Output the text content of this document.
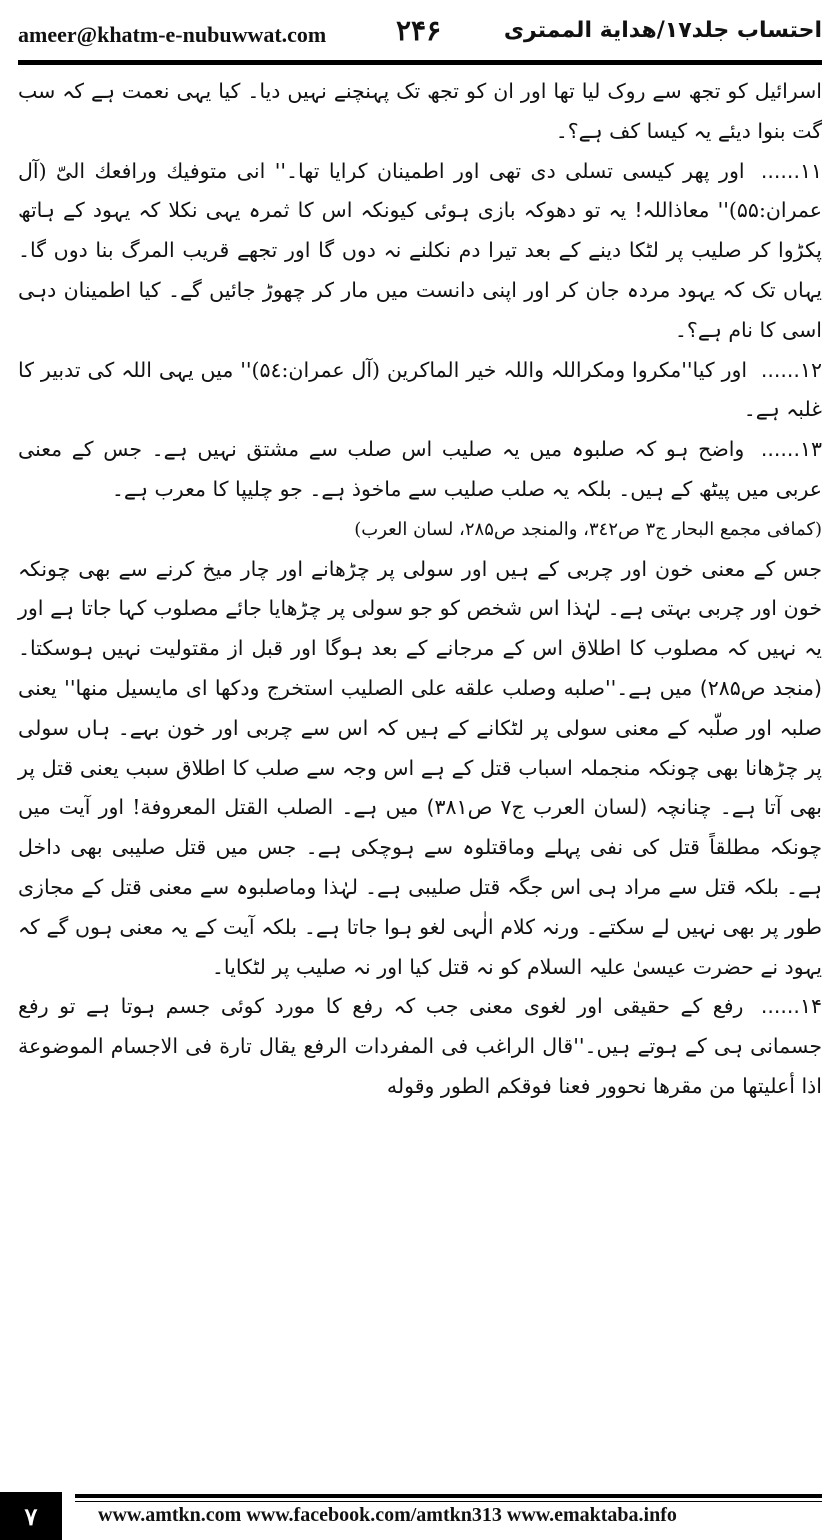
ameer@khatm-e-nubuwwat.com ۲۴۶	احتساب جلد۱۷/ھدایة الممتری

اسرائیل کو تجھ سے روک لیا تھا اور ان کو تجھ تک پہنچنے نہیں دیا۔ کیا یہی نعمت ہے کہ سب گت بنوا دیئے یہ کیسا کف ہے؟۔

۱۱...... اور پھر کیسی تسلی دی تھی اور اطمینان کرایا تھا۔'' انی متوفیك ورافعك الیّ (آل عمران:۵۵)'' معاذاللہ! یہ تو دھوکہ بازی ہوئی کیونکہ اس کا ثمرہ یہی نکلا کہ یہود کے ہاتھ پکڑوا کر صلیب پر لٹکا دینے کے بعد تیرا دم نکلنے نہ دوں گا اور تجھے قریب المرگ بنا دوں گا۔ یہاں تک کہ یہود مردہ جان کر اور اپنی دانست میں مار کر چھوڑ جائیں گے۔ کیا اطمینان دہی اسی کا نام ہے؟۔

۱۲...... اور کیا''مکروا ومکراللہ واللہ خیر الماکرین (آل عمران:۵٤)'' میں یہی اللہ کی تدبیر کا غلبہ ہے۔

۱۳...... واضح ہو کہ صلبوہ میں یہ صلیب اس صلب سے مشتق نہیں ہے۔ جس کے معنی عربی میں پیٹھ کے ہیں۔ بلکہ یہ صلب صلیب سے ماخوذ ہے۔ جو چلیپا کا معرب ہے۔

(کمافی مجمع البحار ج۳ ص۳٤۲، والمنجد ص۲۸۵، لسان العرب)

جس کے معنی خون اور چربی کے ہیں اور سولی پر چڑھانے اور چار میخ کرنے سے بھی چونکہ خون اور چربی بہتی ہے۔ لہٰذا اس شخص کو جو سولی پر چڑھایا جائے مصلوب کہا جاتا ہے اور یہ نہیں کہ مصلوب کا اطلاق اس کے مرجانے کے بعد ہوگا اور قبل از مقتولیت نہیں ہوسکتا۔ (منجد ص۲۸۵) میں ہے۔''صلبه وصلب علقه علی الصلیب استخرج ودکها ای مایسیل منها'' یعنی صلبہ اور صلّبہ کے معنی سولی پر لٹکانے کے ہیں کہ اس سے چربی اور خون بہے۔ ہاں سولی پر چڑھانا بھی چونکہ منجملہ اسباب قتل کے ہے اس وجہ سے صلب کا اطلاق سبب یعنی قتل پر بھی آتا ہے۔ چنانچہ (لسان العرب ج۷ ص۳۸۱) میں ہے۔ الصلب القتل المعروفة! اور آیت میں چونکہ مطلقاً قتل کی نفی پہلے وماقتلوہ سے ہوچکی ہے۔ جس میں قتل صلیبی بھی داخل ہے۔ بلکہ قتل سے مراد ہی اس جگہ قتل صلیبی ہے۔ لہٰذا وماصلبوہ سے معنی قتل کے مجازی طور پر بھی نہیں لے سکتے۔ ورنہ کلام الٰہی لغو ہوا جاتا ہے۔ بلکہ آیت کے یہ معنی ہوں گے کہ یہود نے حضرت عیسیٰ علیہ السلام کو نہ قتل کیا اور نہ صلیب پر لٹکایا۔

۱۴...... رفع کے حقیقی اور لغوی معنی جب کہ رفع کا مورد کوئی جسم ہوتا ہے تو رفع جسمانی ہی کے ہوتے ہیں۔''قال الراغب فی المفردات الرفع یقال تارة فی الاجسام الموضوعة اذا أعلیتها من مقرها نحوور فعنا فوقکم الطور وقوله

۷	www.amtkn.com www.facebook.com/amtkn313 www.emaktaba.info
